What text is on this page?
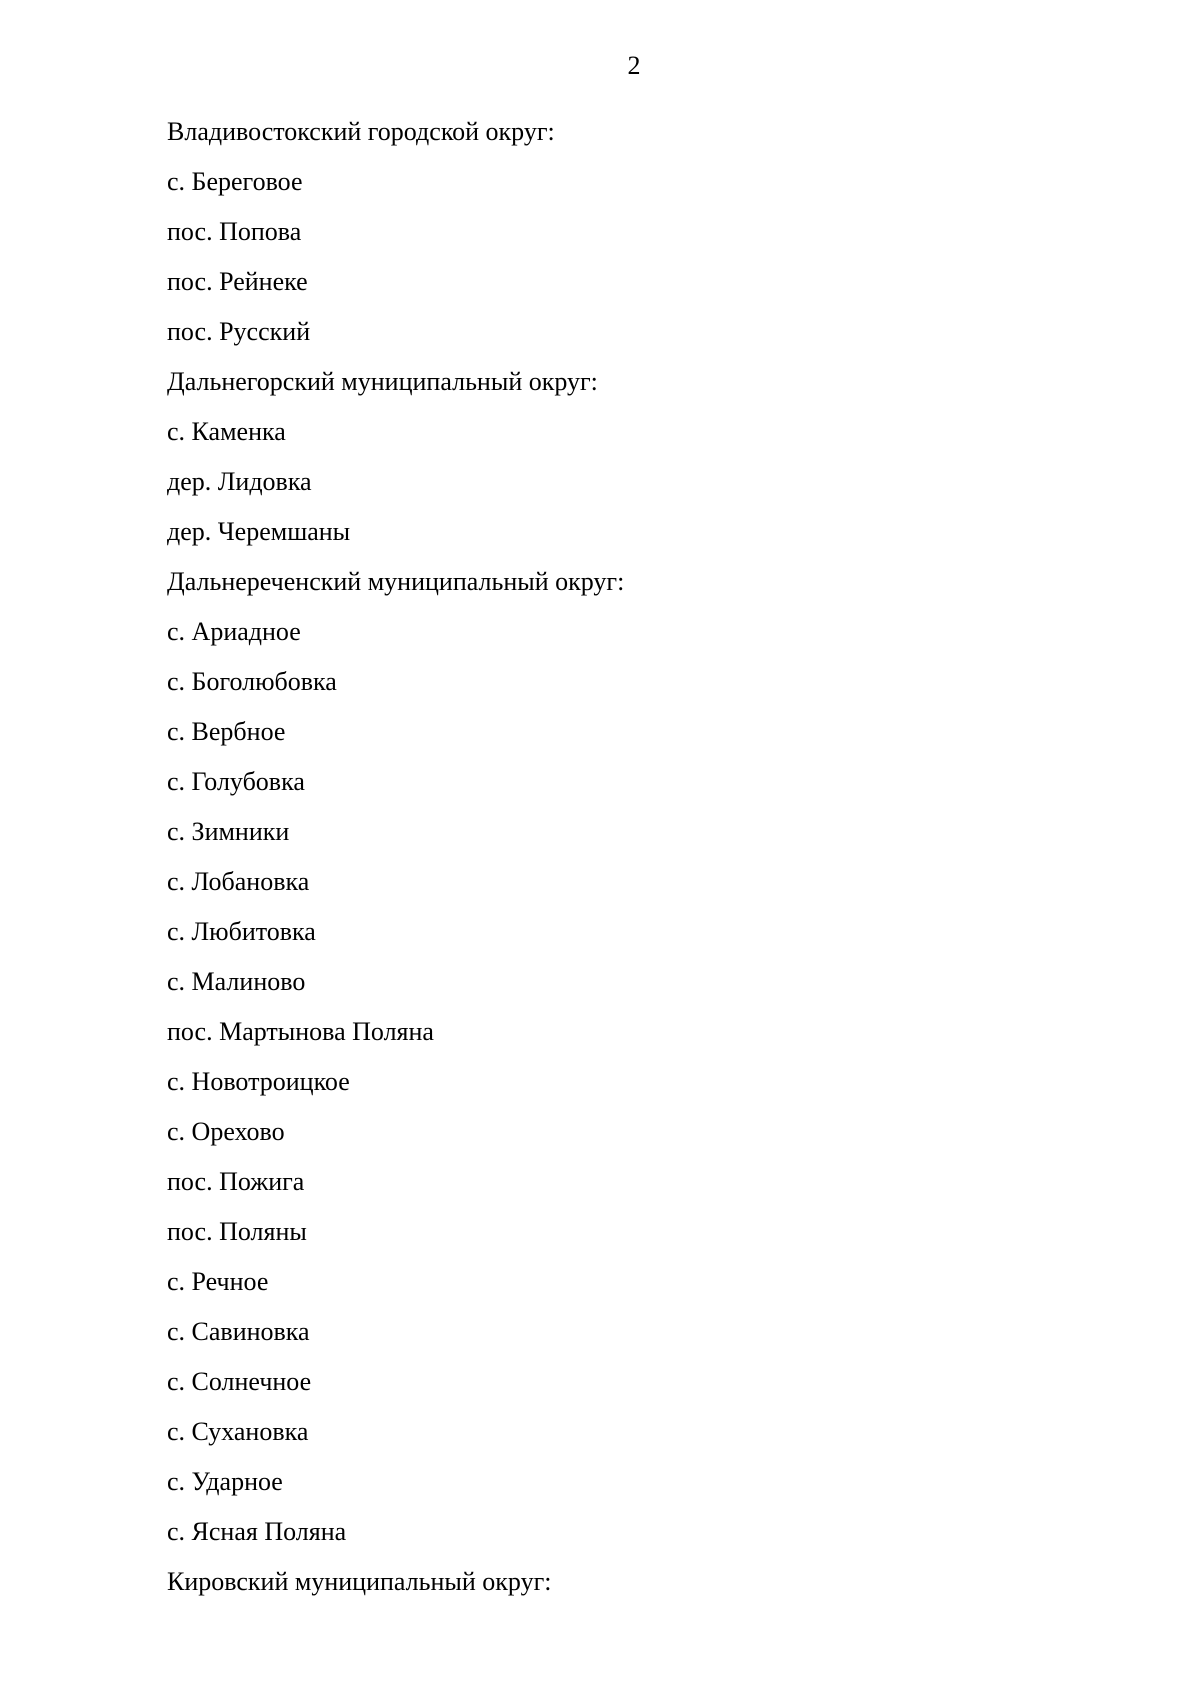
2
Владивостокский городской округ:
с. Береговое
пос. Попова
пос. Рейнеке
пос. Русский
Дальнегорский муниципальный округ:
с. Каменка
дер. Лидовка
дер. Черемшаны
Дальнереченский муниципальный округ:
с. Ариадное
с. Боголюбовка
с. Вербное
с. Голубовка
с. Зимники
с. Лобановка
с. Любитовка
с. Малиново
пос. Мартынова Поляна
с. Новотроицкое
с. Орехово
пос. Пожига
пос. Поляны
с. Речное
с. Савиновка
с. Солнечное
с. Сухановка
с. Ударное
с. Ясная Поляна
Кировский муниципальный округ:
